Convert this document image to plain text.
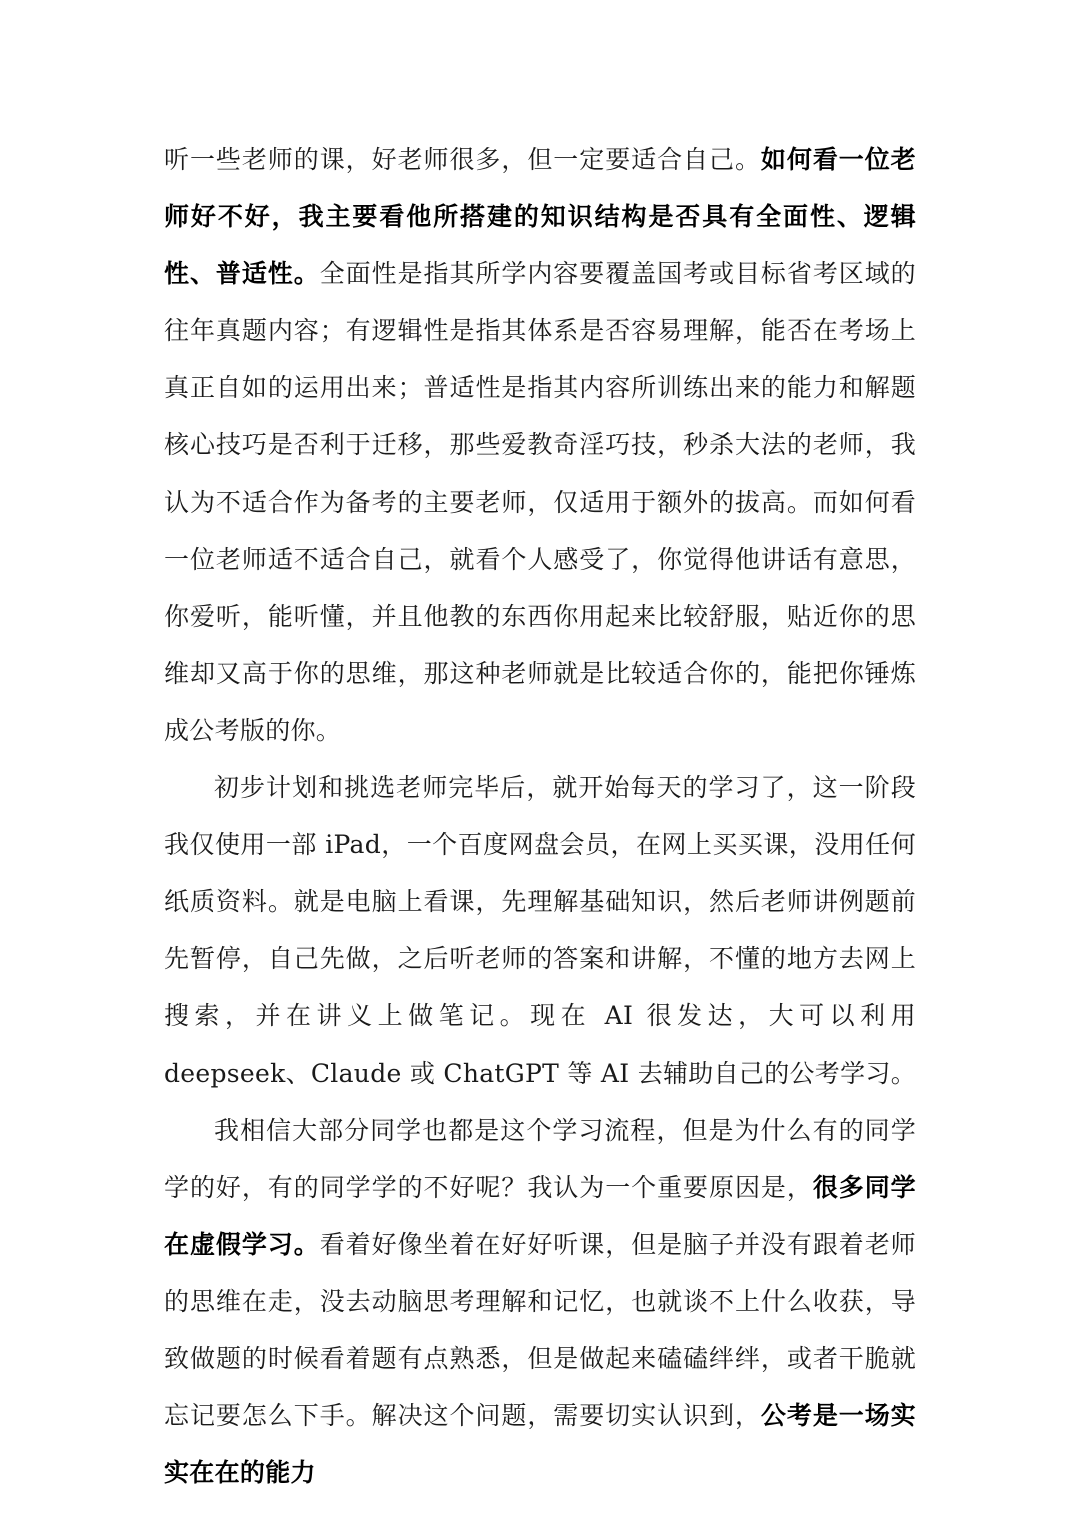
听一些老师的课，好老师很多，但一定要适合自己。如何看一位老师好不好，我主要看他所搭建的知识结构是否具有全面性、逻辑性、普适性。全面性是指其所学内容要覆盖国考或目标省考区域的往年真题内容；有逻辑性是指其体系是否容易理解，能否在考场上真正自如的运用出来；普适性是指其内容所训练出来的能力和解题核心技巧是否利于迁移，那些爱教奇淫巧技，秒杀大法的老师，我认为不适合作为备考的主要老师，仅适用于额外的拔高。而如何看一位老师适不适合自己，就看个人感受了，你觉得他讲话有意思，你爱听，能听懂，并且他教的东西你用起来比较舒服，贴近你的思维却又高于你的思维，那这种老师就是比较适合你的，能把你锤炼成公考版的你。

初步计划和挑选老师完毕后，就开始每天的学习了，这一阶段我仅使用一部 iPad，一个百度网盘会员，在网上买买课，没用任何纸质资料。就是电脑上看课，先理解基础知识，然后老师讲例题前先暂停，自己先做，之后听老师的答案和讲解，不懂的地方去网上搜索，并在讲义上做笔记。现在 AI 很发达，大可以利用 deepseek、Claude 或 ChatGPT 等 AI 去辅助自己的公考学习。

我相信大部分同学也都是这个学习流程，但是为什么有的同学学的好，有的同学学的不好呢？我认为一个重要原因是，很多同学在虚假学习。看着好像坐着在好好听课，但是脑子并没有跟着老师的思维在走，没去动脑思考理解和记忆，也就谈不上什么收获，导致做题的时候看着题有点熟悉，但是做起来磕磕绊绊，或者干脆就忘记要怎么下手。解决这个问题，需要切实认识到，公考是一场实实在在的能力
